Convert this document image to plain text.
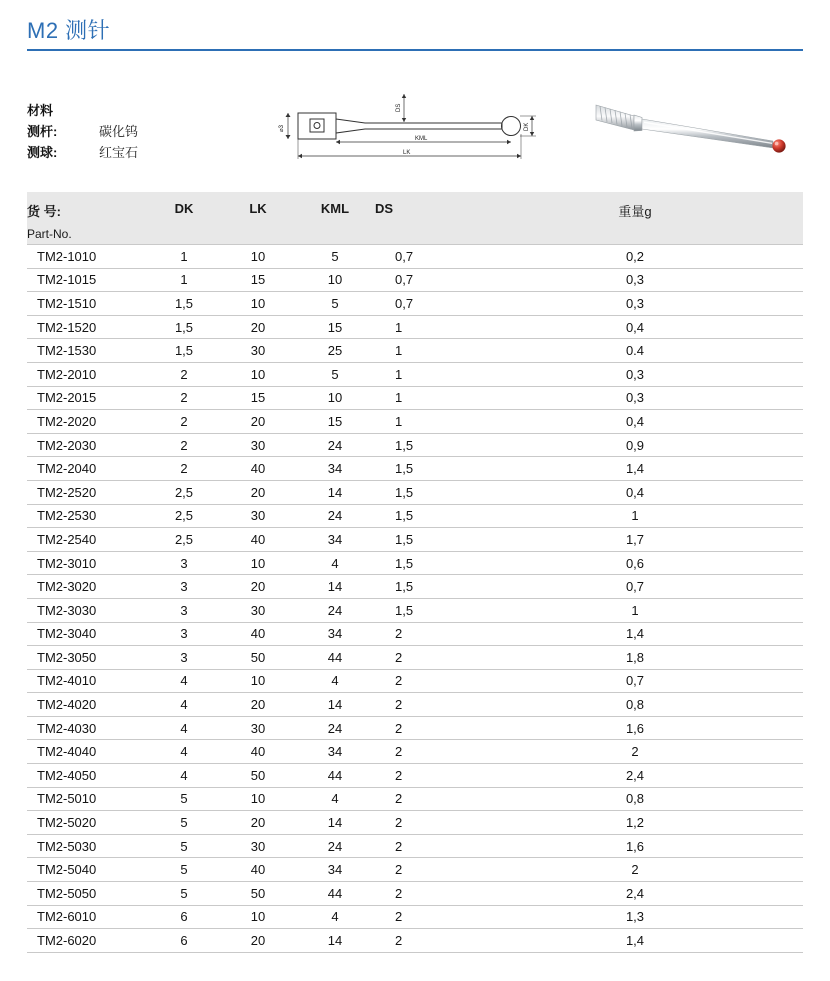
M2 测针
材料
测杆:	碳化钨
测球:	红宝石
⌀3
DS
DK
KML
LK
货 号:
Part-No.	DK	LK	KML	DS	重量g

TM2-1010	1	10	5	0,7	0,2
TM2-1015	1	15	10	0,7	0,3
TM2-1510	1,5	10	5	0,7	0,3
TM2-1520	1,5	20	15	1	0,4
TM2-1530	1,5	30	25	1	0.4
TM2-2010	2	10	5	1	0,3
TM2-2015	2	15	10	1	0,3
TM2-2020	2	20	15	1	0,4
TM2-2030	2	30	24	1,5	0,9
TM2-2040	2	40	34	1,5	1,4
TM2-2520	2,5	20	14	1,5	0,4
TM2-2530	2,5	30	24	1,5	1
TM2-2540	2,5	40	34	1,5	1,7
TM2-3010	3	10	4	1,5	0,6
TM2-3020	3	20	14	1,5	0,7
TM2-3030	3	30	24	1,5	1
TM2-3040	3	40	34	2	1,4
TM2-3050	3	50	44	2	1,8
TM2-4010	4	10	4	2	0,7
TM2-4020	4	20	14	2	0,8
TM2-4030	4	30	24	2	1,6
TM2-4040	4	40	34	2	2
TM2-4050	4	50	44	2	2,4
TM2-5010	5	10	4	2	0,8
TM2-5020	5	20	14	2	1,2
TM2-5030	5	30	24	2	1,6
TM2-5040	5	40	34	2	2
TM2-5050	5	50	44	2	2,4
TM2-6010	6	10	4	2	1,3
TM2-6020	6	20	14	2	1,4
